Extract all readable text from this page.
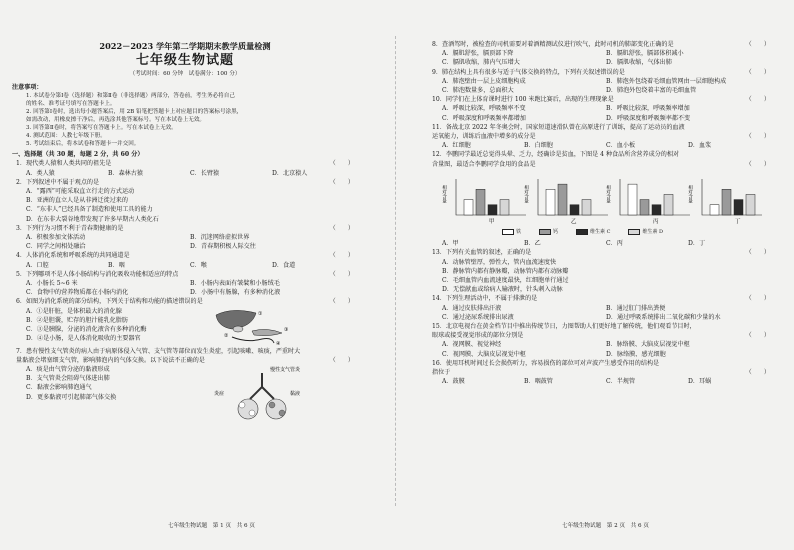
2022－2023 学年第二学期期末教学质量检测
七年级生物试题
（考试时间：60 分钟　试卷满分：100 分）
注意事项：
1. 本试卷分第Ⅰ卷（选择题）和第Ⅱ卷（非选择题）两部分，答卷前，考生务必将自己
的姓名、准考证号填写在答题卡上。
2. 回答第Ⅰ卷时，选出每小题答案后，用 2B 铅笔把答题卡上对应题目的答案标号涂黑，
如需改动，用橡皮擦干净后，再选涂其他答案标号。写在本试卷上无效。
3. 回答第Ⅱ卷时，将答案写在答题卡上。写在本试卷上无效。
4. 测试范围：人教七年级下册。
5. 考试结束后，将本试卷和答题卡一并交回。
一、选择题（共 30 题，每题 2 分，共 60 分）
1．现代类人猿和人类共同的祖先是
（ 　　 ）
A．类人猿	B．森林古猿	C．长臂猿	D．北京猿人
2．下列叙述中不属于观点的是
（ 　　 ）
A．“露西”可能采取直立行走的方式运动
B．亚洲的直立人是从非洲迁徙过来的
C．“东非人”已经具备了制造和使用工具的能力
D．在东非大裂谷地带发现了许多早期古人类化石
3．下列行为习惯不利于青春期健康的是
（ 　　 ）
A．积极参加文体活动	B．沉迷网络虚拟世界
C．同学之间相处融洽	D．青春期积极人际交往
4．人体消化系统和呼吸系统的共同通道是
（ 　　 ）
A．口腔	B．咽	C．喉	D．食道
5．下列哪项不是人体小肠结构与消化吸收功能相适应的特点
（ 　　 ）
A．小肠长 5~6 米	B．小肠内表面有皱襞和小肠绒毛
C．食物中的营养物质都在小肠内消化	D．小肠中有肠腺，有多种消化液
6．如图为消化系统的部分结构，下列关于结构和功能的描述错误的是
（ 　　 ）
A．①是肝脏，是体积最大的消化腺
B．②是胆囊，贮存的胆汁能乳化脂肪
C．③是胰腺，分泌的消化液含有多种消化酶
D．④是小肠，是人体消化吸收的主要器官
①
②
③
④
7．患有慢性支气管炎的病人由于病原体侵入气管、支气管等部位而发生炎症，引起咳嗽、咳痰，严重时大
量黏液会堵塞细支气管，影响肺泡内的气体交换。以下说法不正确的是
（ 　　 ）
A．痰是由气管分泌的黏液形成
B．支气管炎会阻碍气体进出肺
C．黏液会影响肺泡通气
D．更多黏液可引起肺部气体交换
慢性支气管炎
炎症	黏液
8．查酒驾时，被检查的司机需要对着酒精测试仪进行吹气，此时司机的肺部变化正确的是
（ 　　 ）
A．膈肌舒张，膈顶部下降	B．膈肌舒张，膈部体积减小
C．膈肌收缩，肺内气压增大	D．膈肌收缩，气体出肺
9．肺在结构上具有很多与适于气体交换的特点，下列有关叙述错误的是
（ 　　 ）
A．肺泡壁由一层上皮细胞构成	B．肺泡外包绕着毛细血管网由一层细胞构成
C．肺泡数量多，总面积大	D．肺泡外包绕着丰富的毛细血管
10．同学们在上体育课时进行 100 米跑比赛后，出现的生理现象是
（ 　　 ）
A．呼吸比较深，呼吸频率不变	B．呼吸比较深，呼吸频率增加
C．呼吸深度和呼吸频率都增加	D．呼吸深度和呼吸频率都不变
11．备战北京 2022 年冬奥会时，国家短道速滑队曾在高原进行了训练，提高了运动员的血液
运氧能力，训练后血液中增多的成分是
（ 　　 ）
A．红细胞	B．白细胞	C．血小板	D．血浆
12．李鹏同学最近总觉得头晕、乏力，经确诊是贫血，下图是 4 种食品所含营养成分的相对
含量图，最适合李鹏同学食用的食品是
（ 　　 ）
相对含量
甲
相对含量
乙
相对含量
丙
相对含量
丁
铁	钙	维生素 C	维生素 D
A．甲	B．乙	C．丙	D．丁
13．下列有关血管的叙述，正确的是
（ 　　 ）
A．动脉管壁厚，弹性大，管内血流速度快
B．静脉管内都有静脉瓣，动脉管内都有动脉瓣
C．毛细血管内血流速度最快，红细胞单行通过
D．无偿献血或给病人输液时，针头刺入动脉
14．下列生理活动中，不属于排泄的是
（ 　　 ）
A．通过皮肤排出汗液	B．通过肛门排出粪便
C．通过泌尿系统排出尿液	D．通过呼吸系统排出二氧化碳和少量的水
15．北京电视台在黄金档节目中推出传统节日，力图帮助人们更好地了解传统，他们观看节目时，
眼球或接受视觉形成的部位分别是
（ 　　 ）
A．视网膜、视觉神经	B．脉络膜、大脑皮层视觉中枢
C．视网膜、大脑皮层视觉中枢	D．脉络膜、感光细胞
16．使用耳机时间过长会损伤听力，容易损伤的部位可对声波产生感受作用的结构是
指位于
（ 　　 ）
A．鼓膜	B．咽鼓管	C．半规管	D．耳蜗
七年级生物试题　第 1 页　共 6 页	七年级生物试题　第 2 页　共 6 页
